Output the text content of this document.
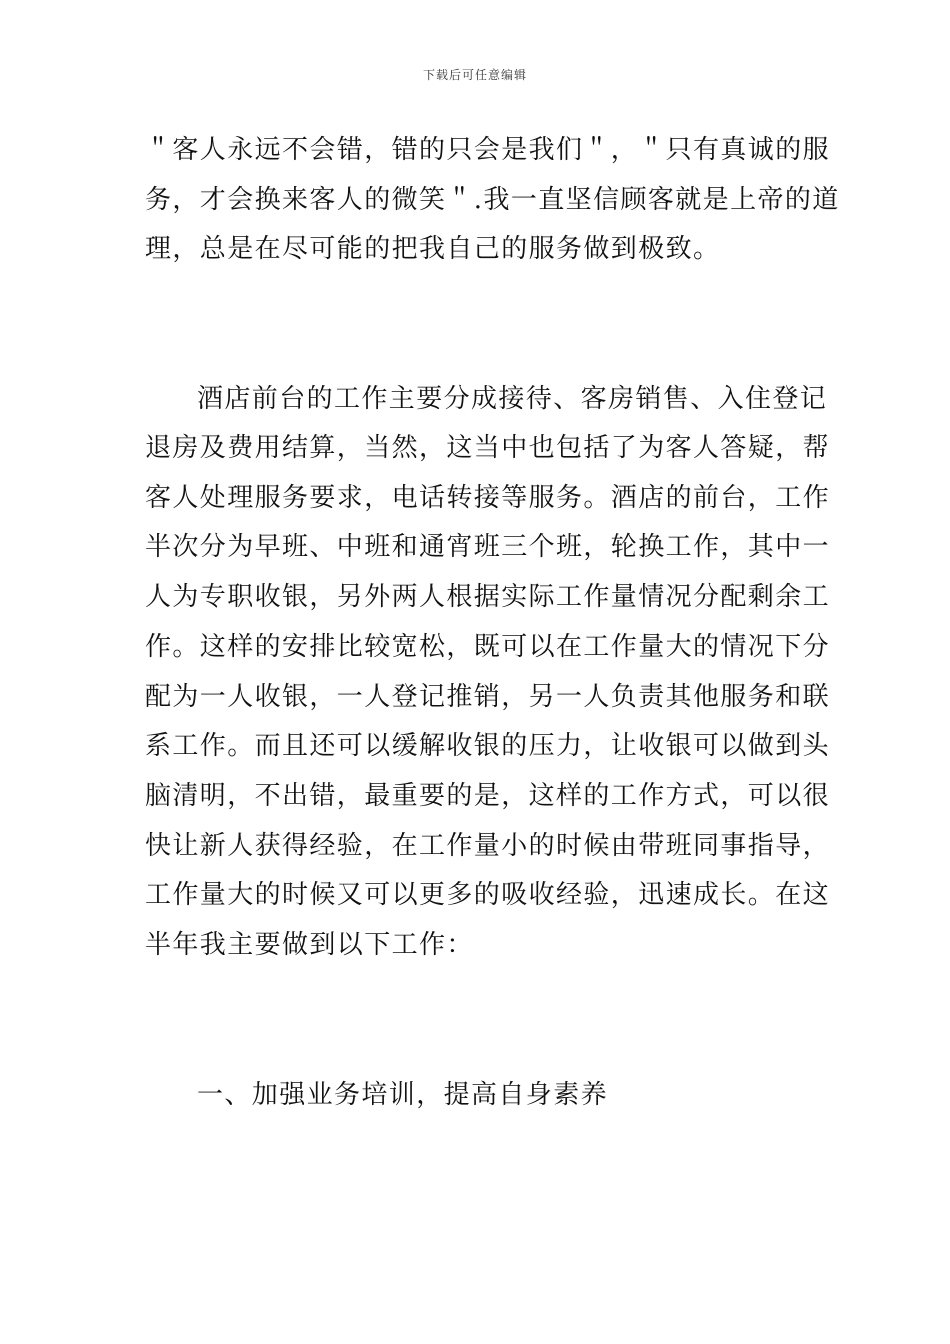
下载后可任意编辑
＂客人永远不会错，错的只会是我们＂，＂只有真诚的服
务，才会换来客人的微笑＂.我一直坚信顾客就是上帝的道
理，总是在尽可能的把我自己的服务做到极致。
酒店前台的工作主要分成接待、客房销售、入住登记
退房及费用结算，当然，这当中也包括了为客人答疑，帮
客人处理服务要求，电话转接等服务。酒店的前台，工作
半次分为早班、中班和通宵班三个班，轮换工作，其中一
人为专职收银，另外两人根据实际工作量情况分配剩余工
作。这样的安排比较宽松，既可以在工作量大的情况下分
配为一人收银，一人登记推销，另一人负责其他服务和联
系工作。而且还可以缓解收银的压力，让收银可以做到头
脑清明，不出错，最重要的是，这样的工作方式，可以很
快让新人获得经验，在工作量小的时候由带班同事指导，
工作量大的时候又可以更多的吸收经验，迅速成长。在这
半年我主要做到以下工作：
一、加强业务培训，提高自身素养
